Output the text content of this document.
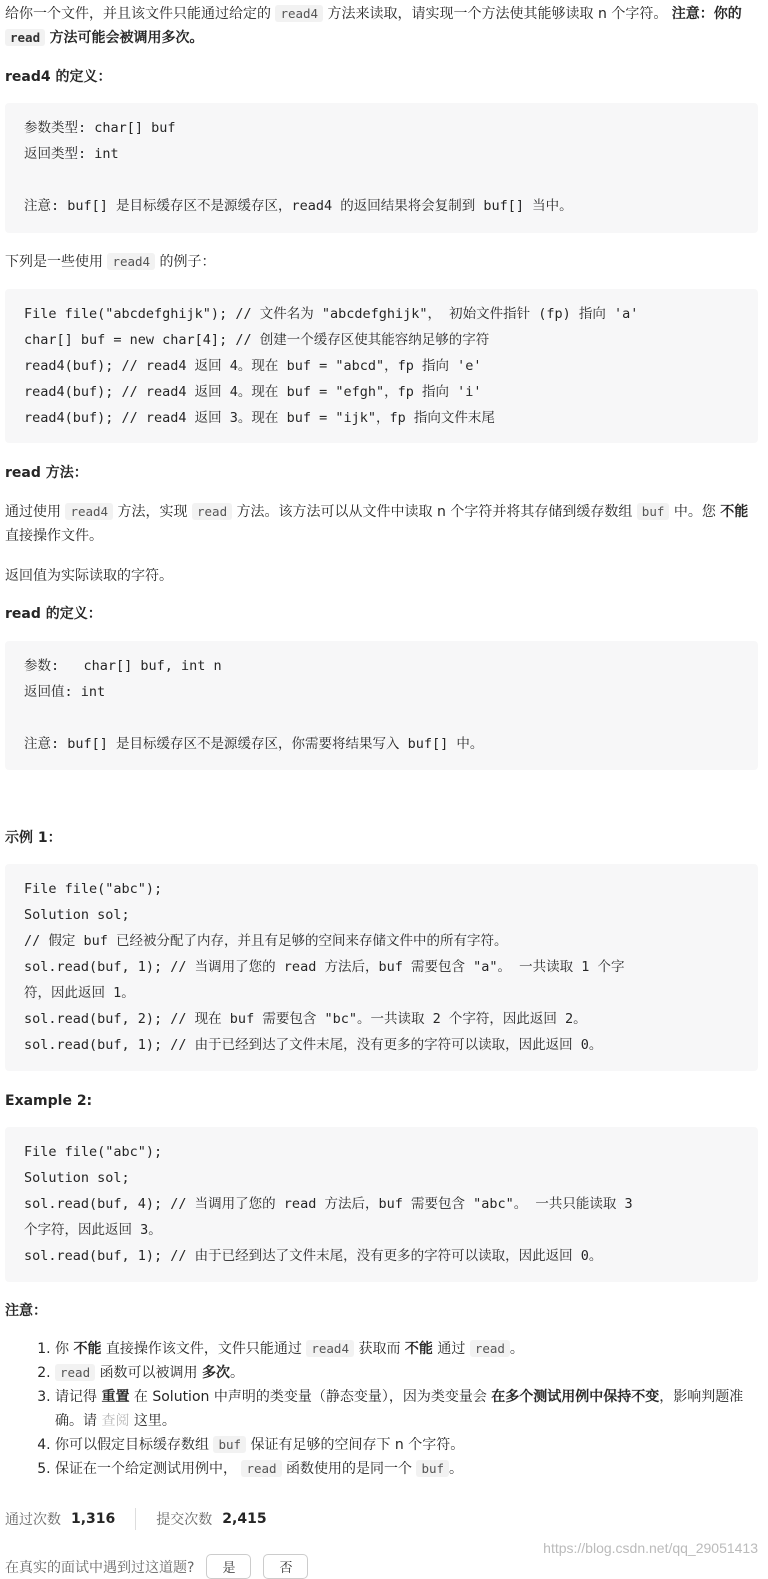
给你一个文件，并且该文件只能通过给定的 read4 方法来读取，请实现一个方法使其能够读取 n 个字符。 注意：你的 read 方法可能会被调用多次。

read4 的定义：

参数类型: char[] buf
返回类型: int
注意: buf[] 是目标缓存区不是源缓存区，read4 的返回结果将会复制到 buf[] 当中。

下列是一些使用 read4 的例子：

File file("abcdefghijk"); // 文件名为 "abcdefghijk"， 初始文件指针 (fp) 指向 'a'
char[] buf = new char[4]; // 创建一个缓存区使其能容纳足够的字符
read4(buf); // read4 返回 4。现在 buf = "abcd"，fp 指向 'e'
read4(buf); // read4 返回 4。现在 buf = "efgh"，fp 指向 'i'
read4(buf); // read4 返回 3。现在 buf = "ijk"，fp 指向文件末尾

read 方法：

通过使用 read4 方法，实现 read 方法。该方法可以从文件中读取 n 个字符并将其存储到缓存数组 buf 中。您 不能 直接操作文件。

返回值为实际读取的字符。

read 的定义：

参数:   char[] buf, int n
返回值: int
注意: buf[] 是目标缓存区不是源缓存区，你需要将结果写入 buf[] 中。

示例 1：

File file("abc");
Solution sol;
// 假定 buf 已经被分配了内存，并且有足够的空间来存储文件中的所有字符。
sol.read(buf, 1); // 当调用了您的 read 方法后，buf 需要包含 "a"。 一共读取 1 个字
符，因此返回 1。
sol.read(buf, 2); // 现在 buf 需要包含 "bc"。一共读取 2 个字符，因此返回 2。
sol.read(buf, 1); // 由于已经到达了文件末尾，没有更多的字符可以读取，因此返回 0。

Example 2:

File file("abc");
Solution sol;
sol.read(buf, 4); // 当调用了您的 read 方法后，buf 需要包含 "abc"。 一共只能读取 3
个字符，因此返回 3。
sol.read(buf, 1); // 由于已经到达了文件末尾，没有更多的字符可以读取，因此返回 0。

注意：

1. 你 不能 直接操作该文件，文件只能通过 read4 获取而 不能 通过 read 。
2. read 函数可以被调用 多次。
3. 请记得 重置 在 Solution 中声明的类变量（静态变量），因为类变量会 在多个测试用例中保持不变，影响判题准确。请 查阅 这里。
4. 你可以假定目标缓存数组 buf 保证有足够的空间存下 n 个字符。
5. 保证在一个给定测试用例中， read 函数使用的是同一个 buf 。
通过次数 1,316	提交次数 2,415
在真实的面试中遇到过这道题?	是	否
https://blog.csdn.net/qq_29051413
